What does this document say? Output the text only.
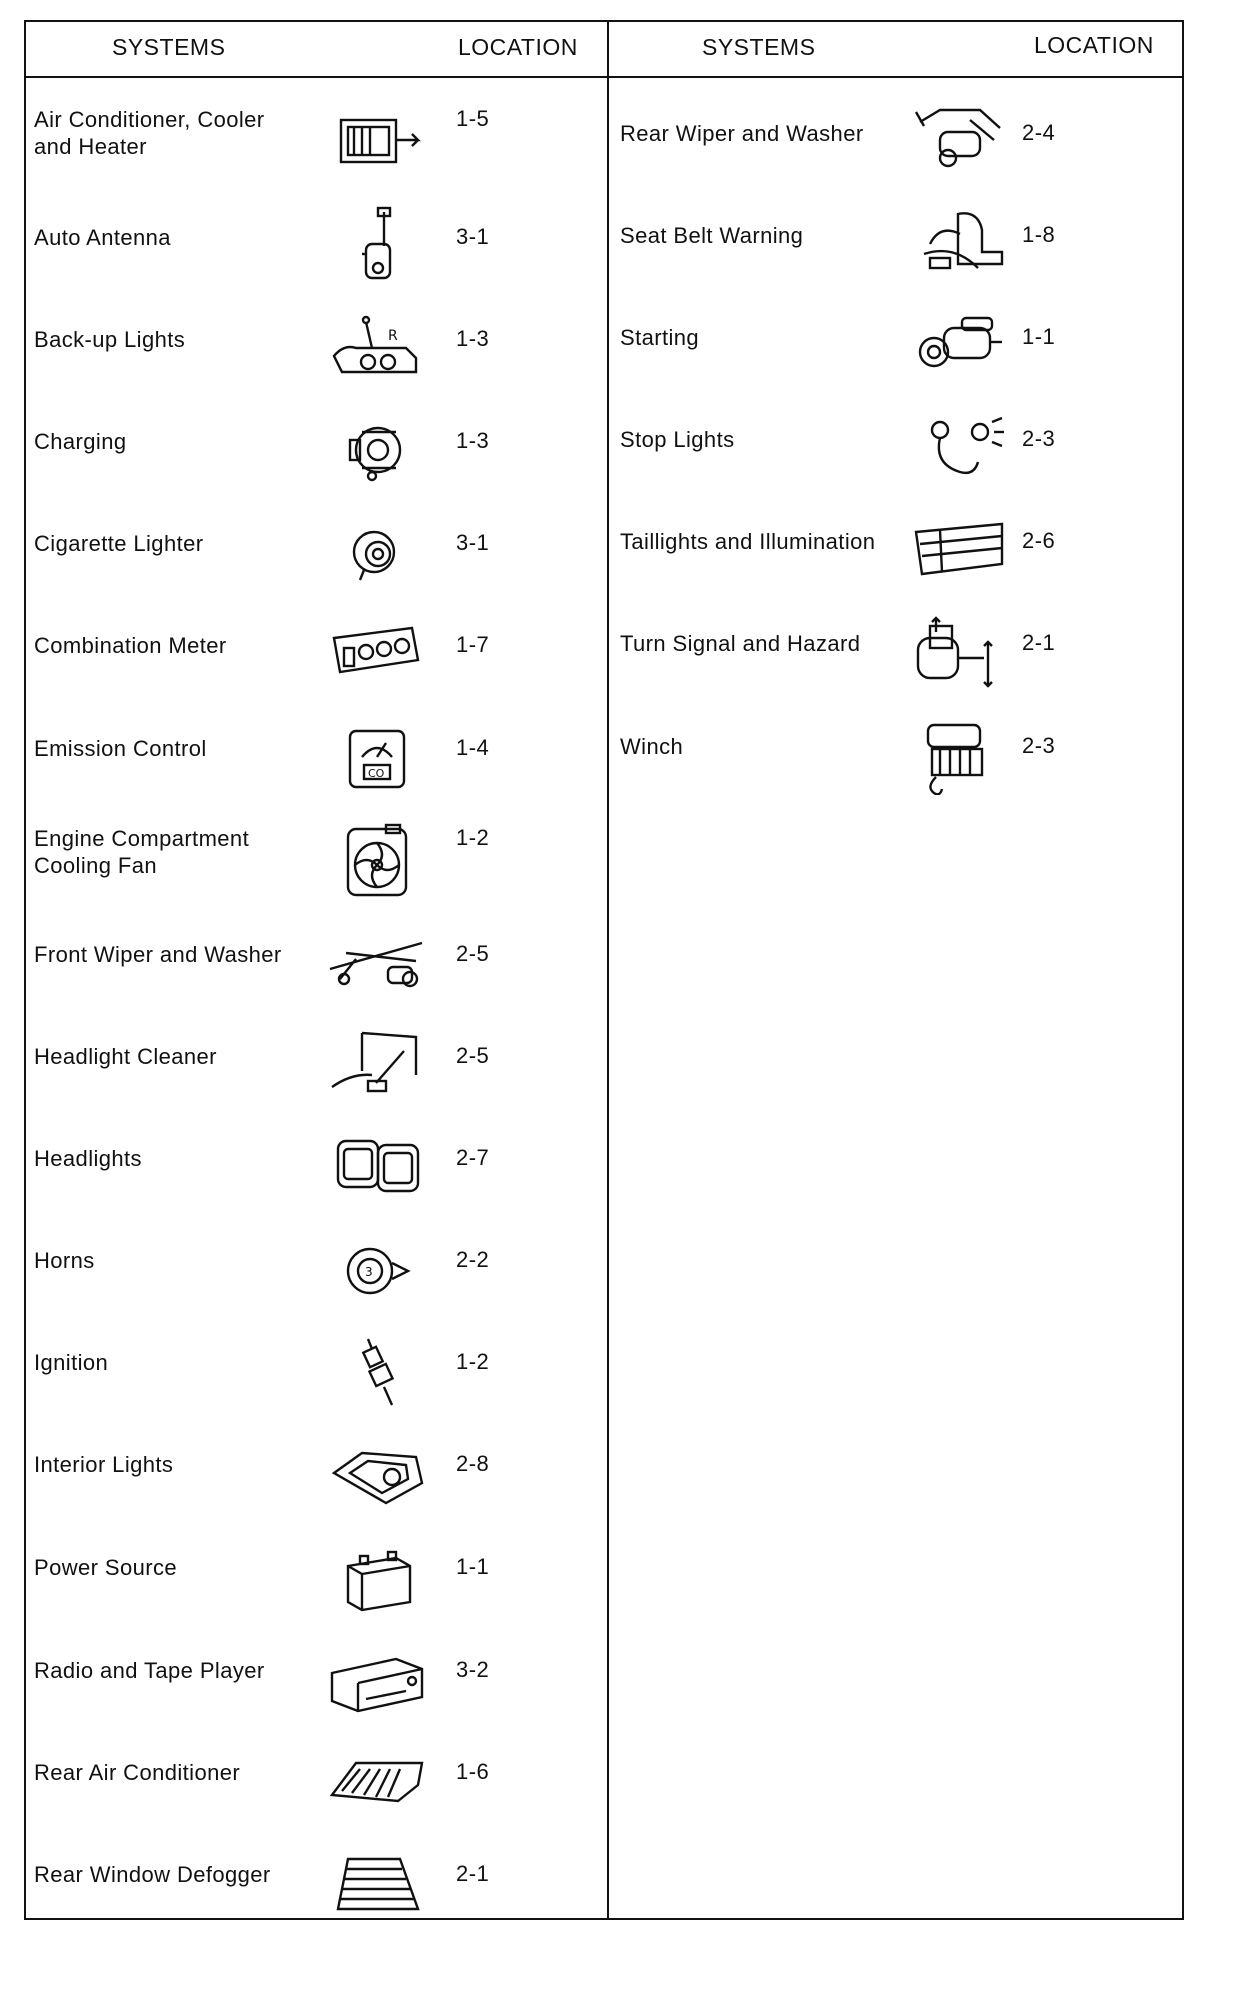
SYSTEMS	LOCATION	SYSTEMS	LOCATION
Air Conditioner, Cooler
and Heater
1-5
Auto Antenna	3-1
Back-up Lights	R	1-3
Charging	1-3
Cigarette Lighter	3-1
Combination Meter	1-7
Emission Control
CO
1-4
Engine Compartment
Cooling Fan
1-2
Front Wiper and Washer	2-5
Headlight Cleaner	2-5
Headlights	2-7
Horns	3	2-2
Ignition	1-2
Interior Lights	2-8
Power Source	1-1
Radio and Tape Player	3-2
Rear Air Conditioner	1-6
Rear Window Defogger	2-1
Rear Wiper and Washer	2-4
Seat Belt Warning	1-8
Starting	1-1
Stop Lights	2-3
Taillights and Illumination	2-6
Turn Signal and Hazard	2-1
Winch	2-3
